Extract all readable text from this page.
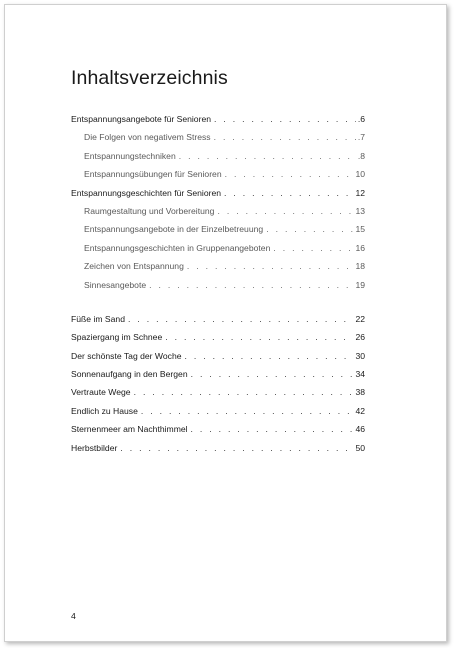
Inhaltsverzeichnis
Entspannungsangebote für Senioren . . .	.6
Die Folgen von negativem Stress . . .	.7
Entspannungstechniken . . .	.8
Entspannungsübungen für Senioren . . .	10
Entspannungsgeschichten für Senioren . . .	12
Raumgestaltung und Vorbereitung . . .	13
Entspannungsangebote in der Einzelbetreuung . . .	15
Entspannungsgeschichten in Gruppenangeboten . . .	16
Zeichen von Entspannung . . .	18
Sinnesangebote . . .	19
Füße im Sand . . .	22
Spaziergang im Schnee . . .	26
Der schönste Tag der Woche . . .	30
Sonnenaufgang in den Bergen . . .	34
Vertraute Wege . . .	38
Endlich zu Hause . . .	42
Sternenmeer am Nachthimmel . . .	46
Herbstbilder . . .	50
4
